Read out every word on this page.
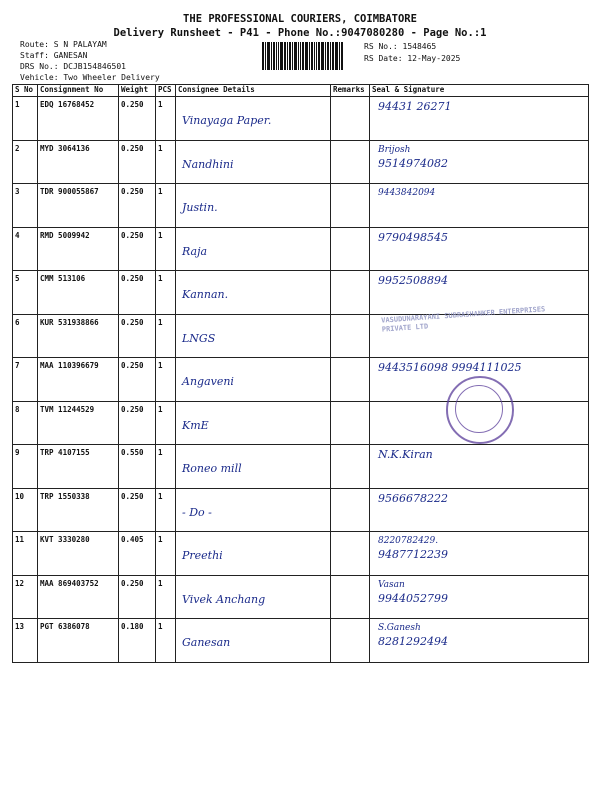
THE PROFESSIONAL COURIERS, COIMBATORE
Delivery Runsheet - P41 - Phone No.:9047080280 - Page No.:1
Route: S N PALAYAM
Staff: GANESAN
DRS No.: DCJB154846501
Vehicle: Two Wheeler Delivery
RS No.: 1548465
RS Date: 12-May-2025
S No	Consignment No	Weight	PCS	Consignee Details	Remarks	Seal & Signature
1	EDQ 16768452	0.250	1	Vinayaga Paper.		94431 26271

2	MYD 3064136	0.250	1	Nandhini		Brijosh
9514974082

3	TDR 900055867	0.250	1	Justin.		9443842094

4	RMD 5009942	0.250	1	Raja		9790498545

5	CMM 513106	0.250	1	Kannan.		9952508894

6	KUR 531938866	0.250	1	LNGS		

7	MAA 110396679	0.250	1	Angaveni		9443516098 9994111025

8	TVM 11244529	0.250	1	KmE		

9	TRP 4107155	0.550	1	Roneo mill		N.K.Kiran

10	TRP 1550338	0.250	1	- Do -		9566678222

11	KVT 3330280	0.405	1	Preethi		8220782429.
9487712239

12	MAA 869403752	0.250	1	Vivek Anchang		Vasan
9944052799

13	PGT 6386078	0.180	1	Ganesan		S.Ganesh
8281292494
VASUDUNARAYANI SUBRASHANKER ENTERPRISES PRIVATE LTD
